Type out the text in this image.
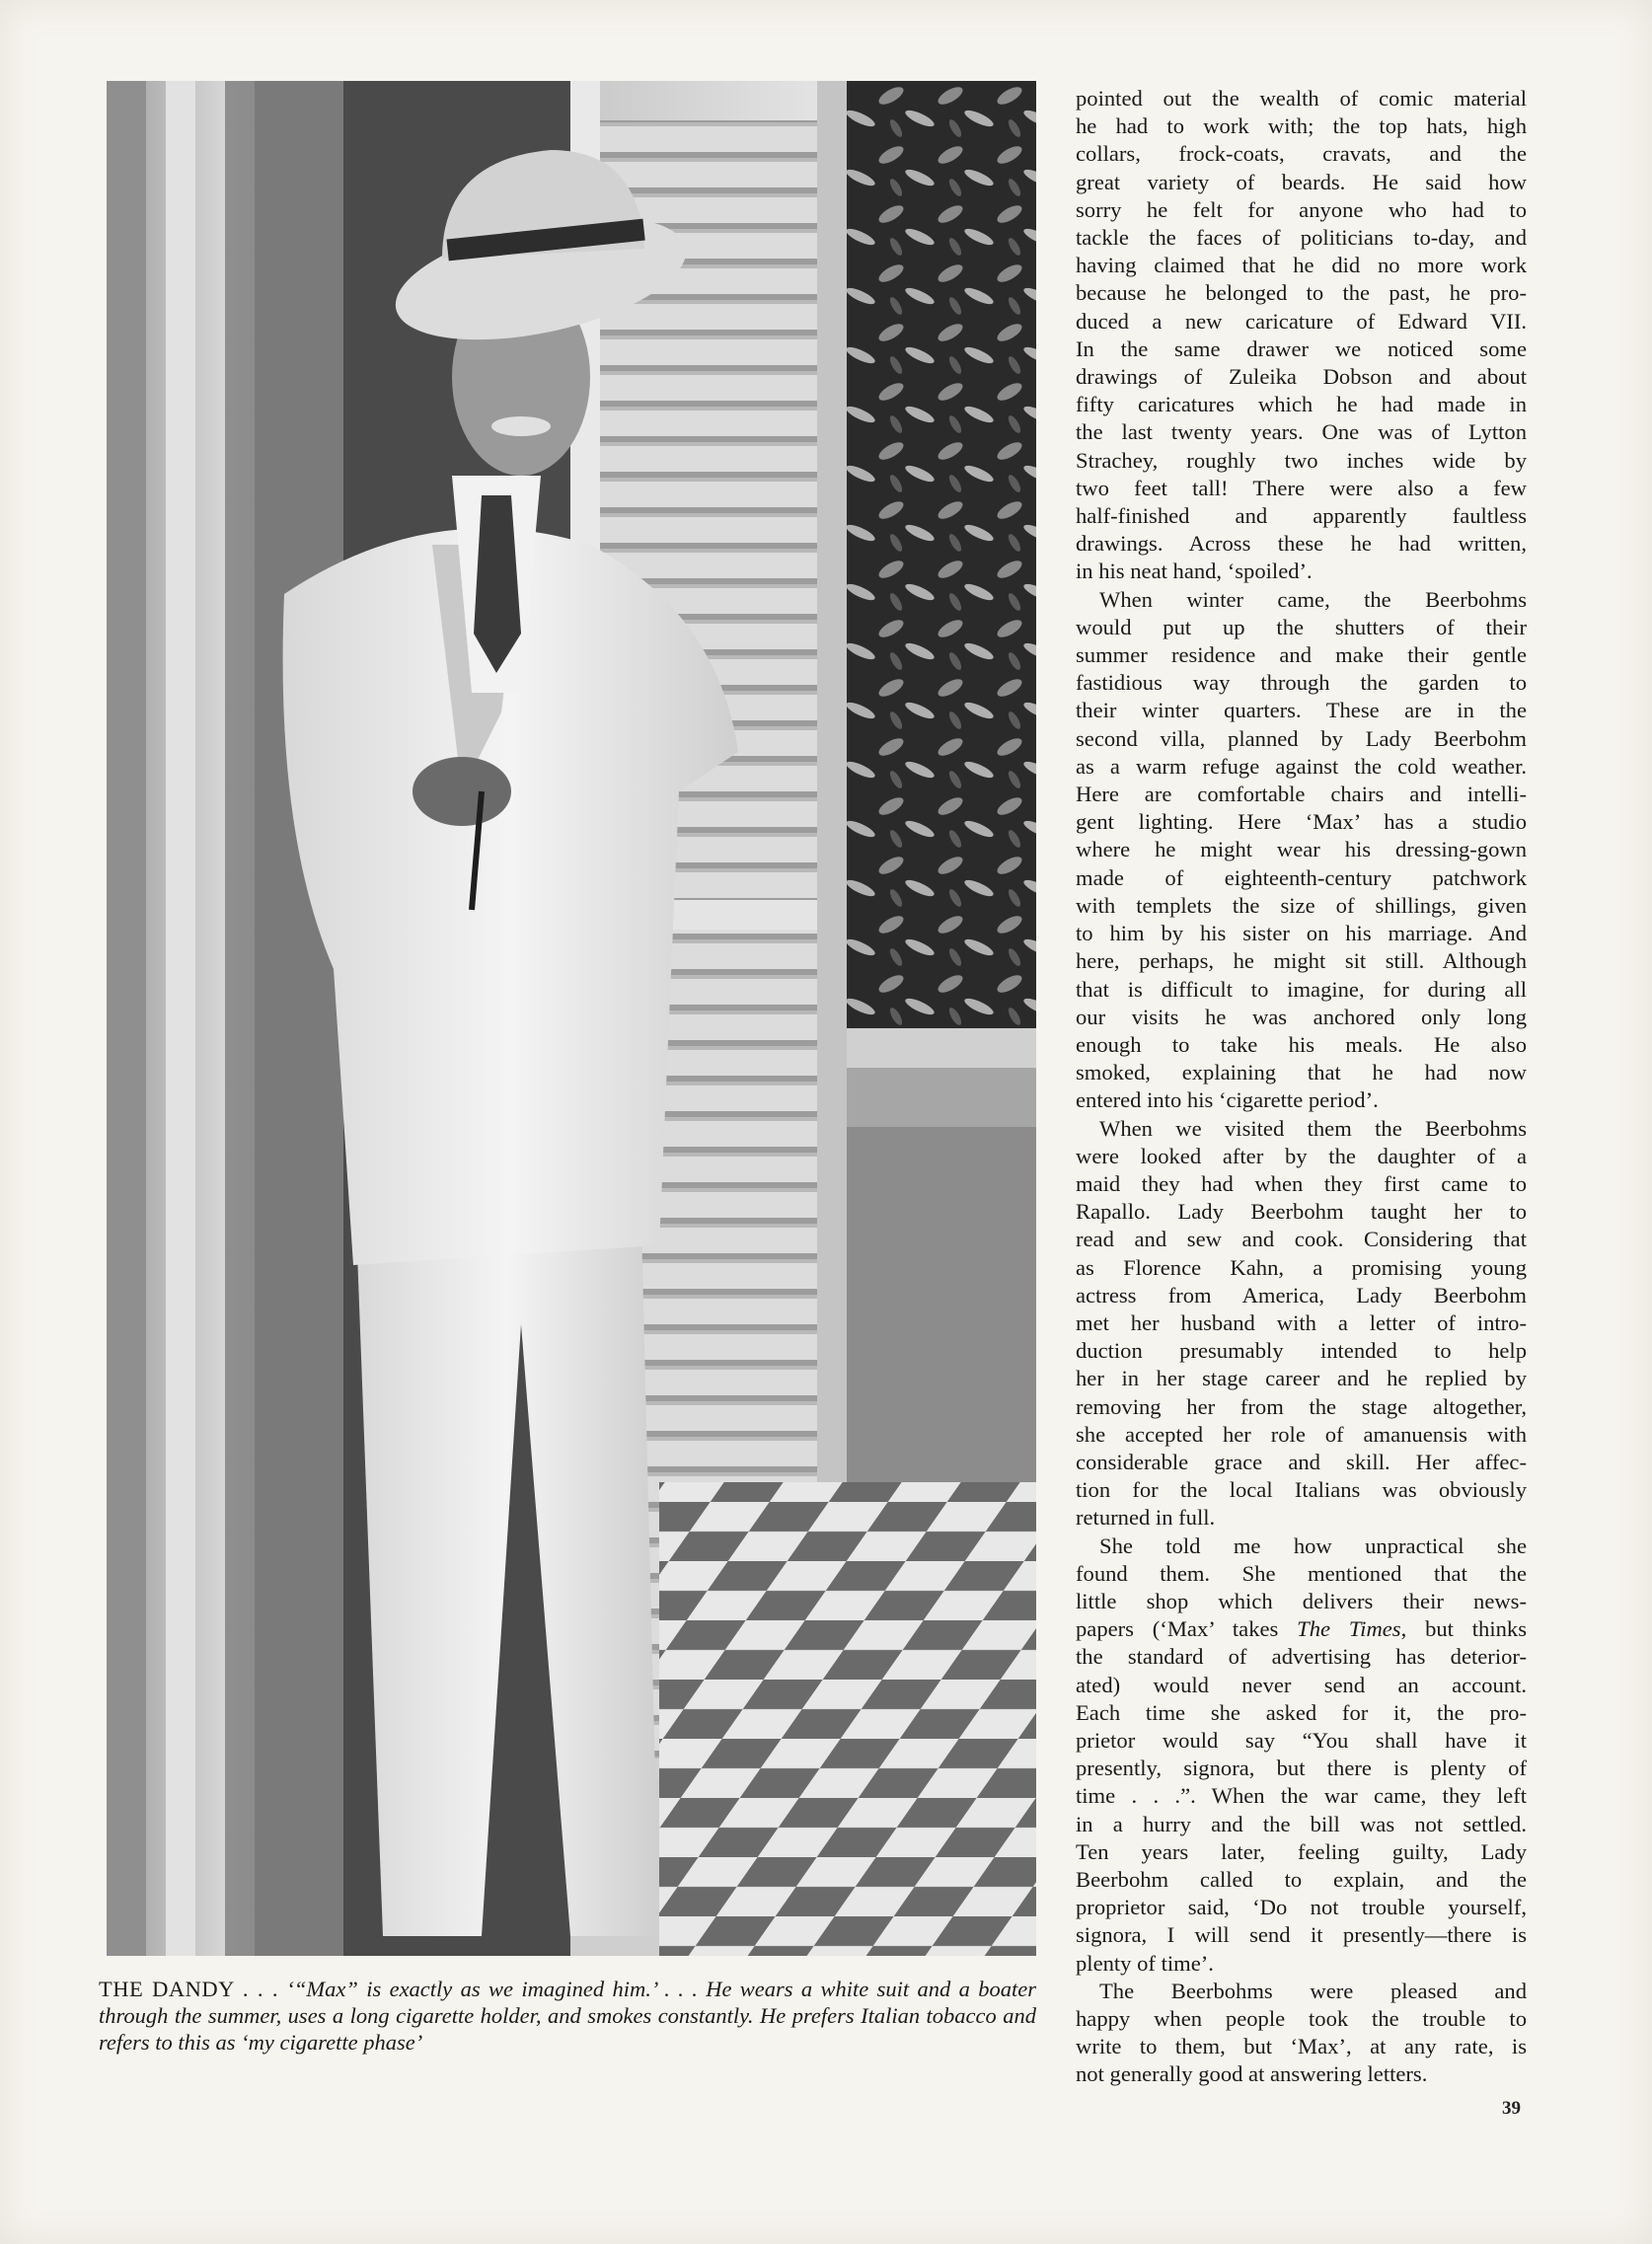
THE DANDY . . . ‘“Max” is exactly as we imagined him.’ . . . He wears a white suit and a boater through the summer, uses a long cigarette holder, and smokes constantly. He prefers Italian tobacco and refers to this as ‘my cigarette phase’

pointed out the wealth of comic material

he had to work with; the top hats, high

collars, frock-coats, cravats, and the

great variety of beards. He said how

sorry he felt for anyone who had to

tackle the faces of politicians to-day, and

having claimed that he did no more work

because he belonged to the past, he pro-

duced a new caricature of Edward VII.

In the same drawer we noticed some

drawings of Zuleika Dobson and about

fifty caricatures which he had made in

the last twenty years. One was of Lytton

Strachey, roughly two inches wide by

two feet tall! There were also a few

half-finished and apparently faultless

drawings. Across these he had written,

in his neat hand, ‘spoiled’.

When winter came, the Beerbohms

would put up the shutters of their

summer residence and make their gentle

fastidious way through the garden to

their winter quarters. These are in the

second villa, planned by Lady Beerbohm

as a warm refuge against the cold weather.

Here are comfortable chairs and intelli-

gent lighting. Here ‘Max’ has a studio

where he might wear his dressing-gown

made of eighteenth-century patchwork

with templets the size of shillings, given

to him by his sister on his marriage. And

here, perhaps, he might sit still. Although

that is difficult to imagine, for during all

our visits he was anchored only long

enough to take his meals. He also

smoked, explaining that he had now

entered into his ‘cigarette period’.

When we visited them the Beerbohms

were looked after by the daughter of a

maid they had when they first came to

Rapallo. Lady Beerbohm taught her to

read and sew and cook. Considering that

as Florence Kahn, a promising young

actress from America, Lady Beerbohm

met her husband with a letter of intro-

duction presumably intended to help

her in her stage career and he replied by

removing her from the stage altogether,

she accepted her role of amanuensis with

considerable grace and skill. Her affec-

tion for the local Italians was obviously

returned in full.

She told me how unpractical she

found them. She mentioned that the

little shop which delivers their news-

papers (‘Max’ takes The Times, but thinks

the standard of advertising has deterior-

ated) would never send an account.

Each time she asked for it, the pro-

prietor would say “You shall have it

presently, signora, but there is plenty of

time . . .”. When the war came, they left

in a hurry and the bill was not settled.

Ten years later, feeling guilty, Lady

Beerbohm called to explain, and the

proprietor said, ‘Do not trouble yourself,

signora, I will send it presently—there is

plenty of time’.

The Beerbohms were pleased and

happy when people took the trouble to

write to them, but ‘Max’, at any rate, is

not generally good at answering letters.

39
